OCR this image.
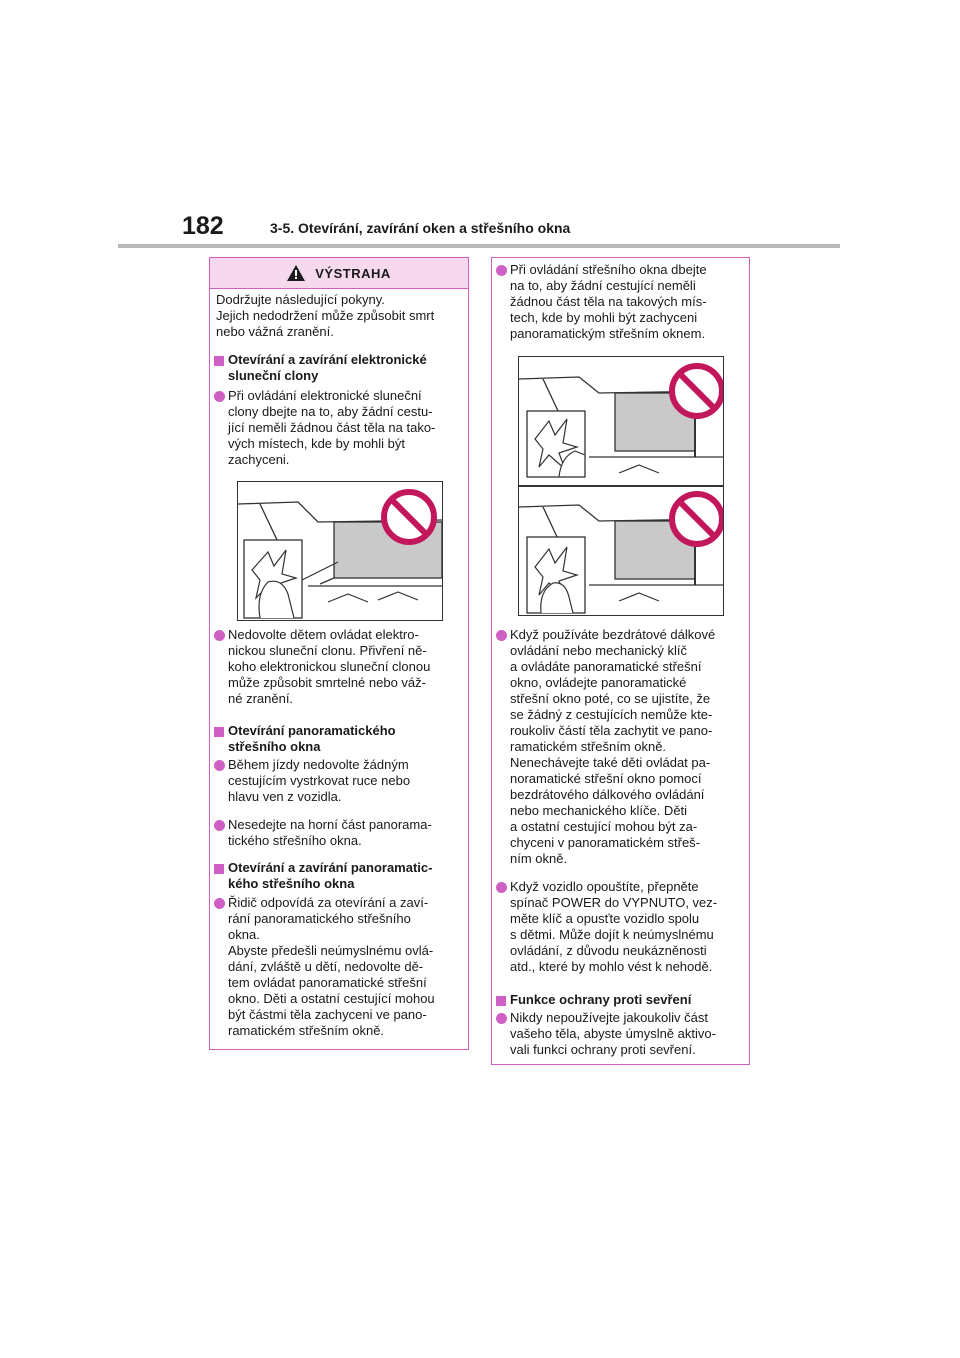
182	3-5. Otevírání, zavírání oken a střešního okna
VÝSTRAHA
Dodržujte následující pokyny.
Jejich nedodržení může způsobit smrt
nebo vážná zranění.
Otevírání a zavírání elektronické
sluneční clony
Při ovládání elektronické sluneční
clony dbejte na to, aby žádní cestu-
jící neměli žádnou část těla na tako-
vých místech, kde by mohli být
zachyceni.
Nedovolte dětem ovládat elektro-
nickou sluneční clonu. Přivření ně-
koho elektronickou sluneční clonou
může způsobit smrtelné nebo váž-
né zranění.
Otevírání panoramatického
střešního okna
Během jízdy nedovolte žádným
cestujícím vystrkovat ruce nebo
hlavu ven z vozidla.
Nesedejte na horní část panorama-
tického střešního okna.
Otevírání a zavírání panoramatic-
kého střešního okna
Řidič odpovídá za otevírání a zaví-
rání panoramatického střešního
okna.
Abyste předešli neúmyslnému ovlá-
dání, zvláště u dětí, nedovolte dě-
tem ovládat panoramatické střešní
okno. Děti a ostatní cestující mohou
být částmi těla zachyceni ve pano-
ramatickém střešním okně.
Při ovládání střešního okna dbejte
na to, aby žádní cestující neměli
žádnou část těla na takových mís-
tech, kde by mohli být zachyceni
panoramatickým střešním oknem.
Když používáte bezdrátové dálkové
ovládání nebo mechanický klíč
a ovládáte panoramatické střešní
okno, ovládejte panoramatické
střešní okno poté, co se ujistíte, že
se žádný z cestujících nemůže kte-
roukoliv částí těla zachytit ve pano-
ramatickém střešním okně.
Nenechávejte také děti ovládat pa-
noramatické střešní okno pomocí
bezdrátového dálkového ovládání
nebo mechanického klíče. Děti
a ostatní cestující mohou být za-
chyceni v panoramatickém střeš-
ním okně.
Když vozidlo opouštíte, přepněte
spínač POWER do VYPNUTO, vez-
měte klíč a opusťte vozidlo spolu
s dětmi. Může dojít k neúmyslnému
ovládání, z důvodu neukázněnosti
atd., které by mohlo vést k nehodě.
Funkce ochrany proti sevření
Nikdy nepoužívejte jakoukoliv část
vašeho těla, abyste úmyslně aktivo-
vali funkci ochrany proti sevření.
